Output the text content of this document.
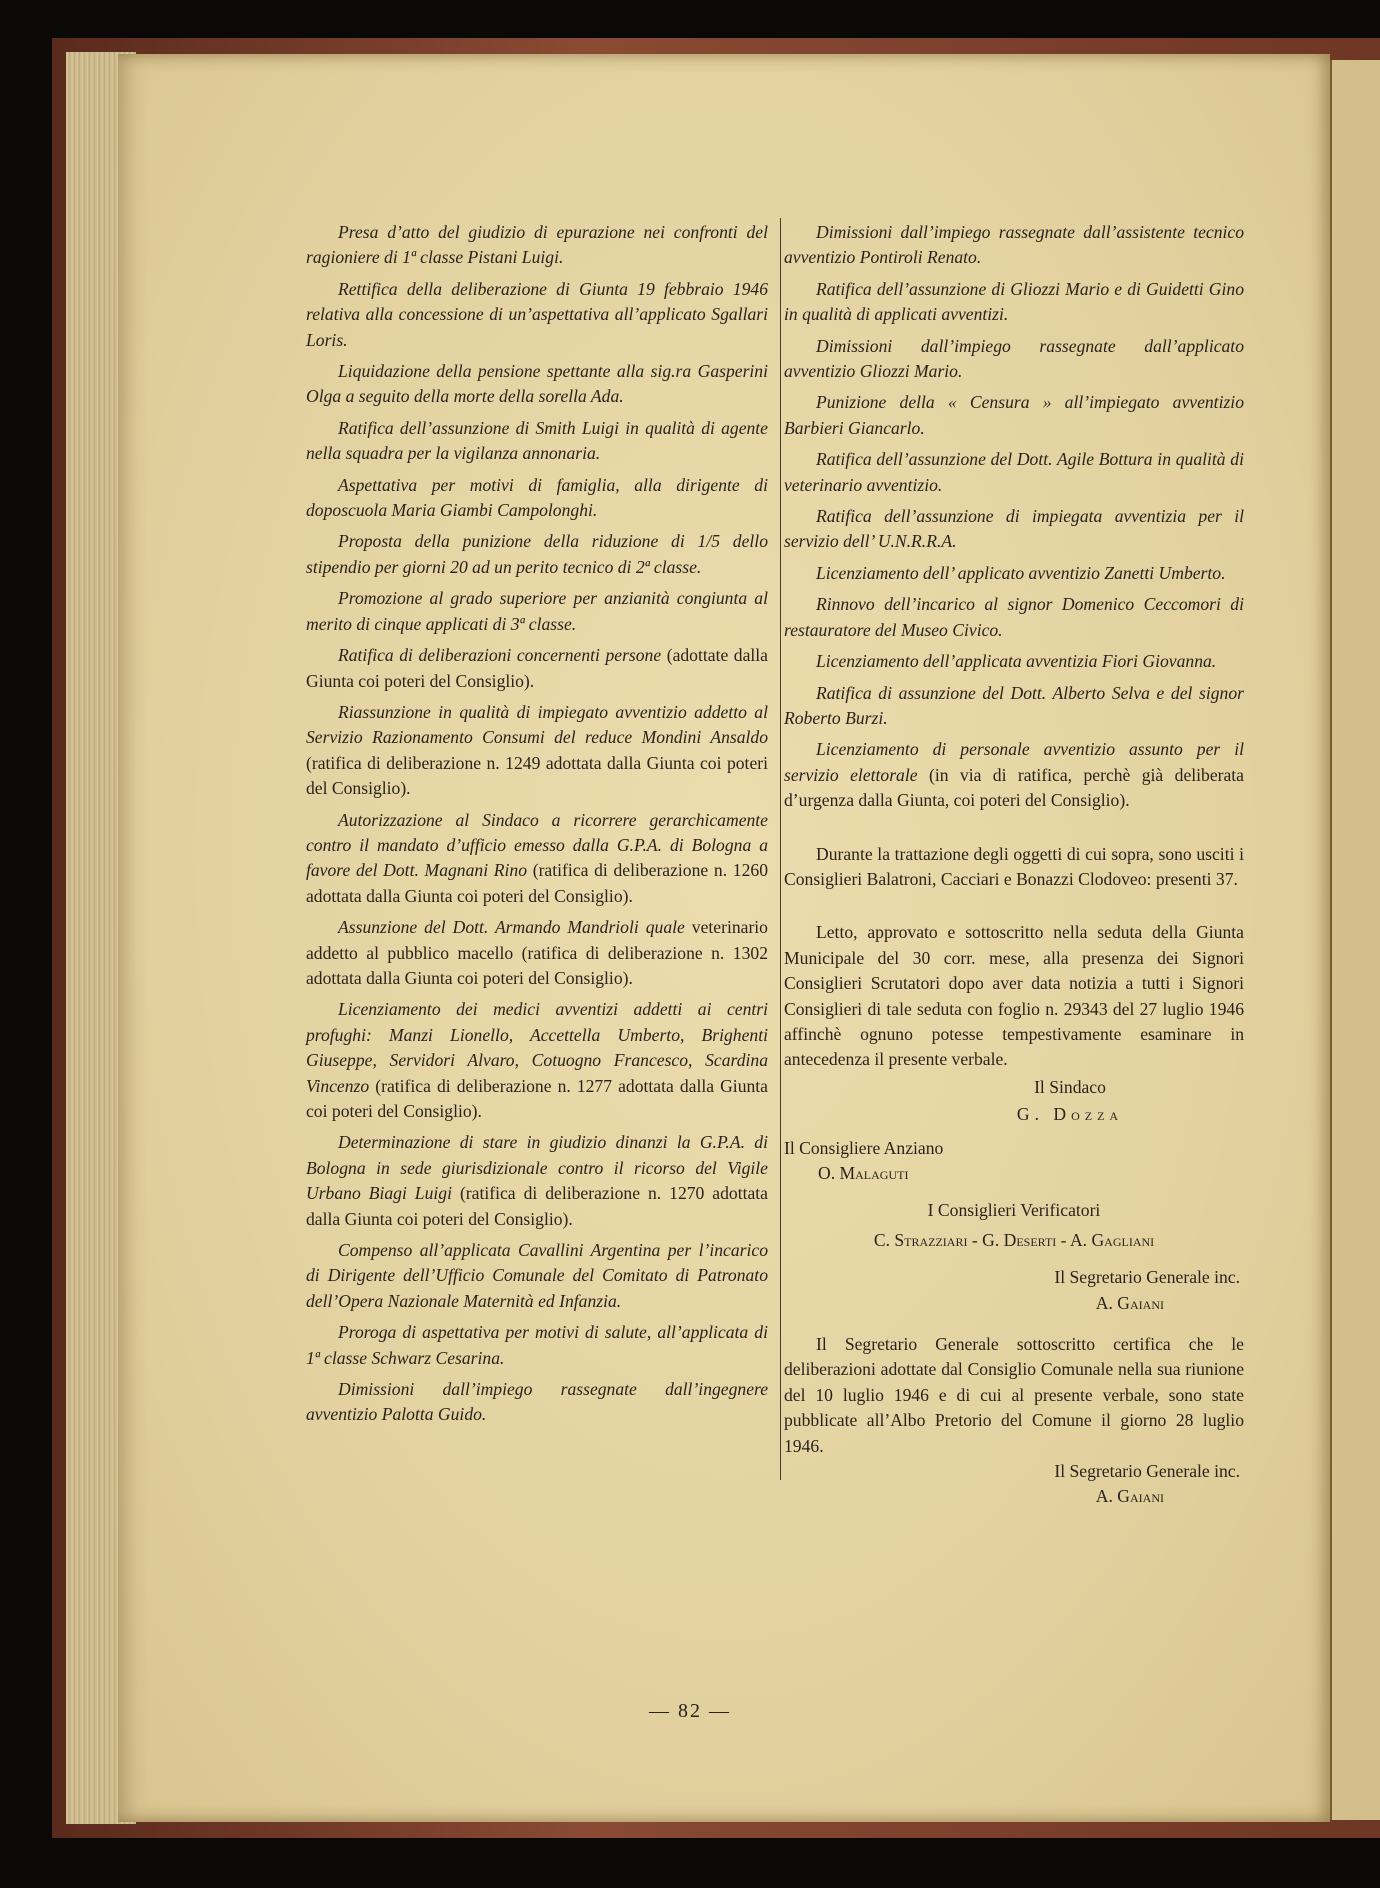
Presa d’atto del giudizio di epurazione nei confronti del ragioniere di 1ª classe Pistani Luigi.

Rettifica della deliberazione di Giunta 19 febbraio 1946 relativa alla concessione di un’aspettativa all’applicato Sgallari Loris.

Liquidazione della pensione spettante alla sig.ra Gasperini Olga a seguito della morte della sorella Ada.

Ratifica dell’assunzione di Smith Luigi in qualità di agente nella squadra per la vigilanza annonaria.

Aspettativa per motivi di famiglia, alla dirigente di doposcuola Maria Giambi Campolonghi.

Proposta della punizione della riduzione di 1/5 dello stipendio per giorni 20 ad un perito tecnico di 2ª classe.

Promozione al grado superiore per anzianità congiunta al merito di cinque applicati di 3ª classe.

Ratifica di deliberazioni concernenti persone (adottate dalla Giunta coi poteri del Consiglio).

Riassunzione in qualità di impiegato avventizio addetto al Servizio Razionamento Consumi del reduce Mondini Ansaldo (ratifica di deliberazione n. 1249 adottata dalla Giunta coi poteri del Consiglio).

Autorizzazione al Sindaco a ricorrere gerarchicamente contro il mandato d’ufficio emesso dalla G.P.A. di Bologna a favore del Dott. Magnani Rino (ratifica di deliberazione n. 1260 adottata dalla Giunta coi poteri del Consiglio).

Assunzione del Dott. Armando Mandrioli quale veterinario addetto al pubblico macello (ratifica di deliberazione n. 1302 adottata dalla Giunta coi poteri del Consiglio).

Licenziamento dei medici avventizi addetti ai centri profughi: Manzi Lionello, Accettella Umberto, Brighenti Giuseppe, Servidori Alvaro, Cotuogno Francesco, Scardina Vincenzo (ratifica di deliberazione n. 1277 adottata dalla Giunta coi poteri del Consiglio).

Determinazione di stare in giudizio dinanzi la G.P.A. di Bologna in sede giurisdizionale contro il ricorso del Vigile Urbano Biagi Luigi (ratifica di deliberazione n. 1270 adottata dalla Giunta coi poteri del Consiglio).

Compenso all’applicata Cavallini Argentina per l’incarico di Dirigente dell’Ufficio Comunale del Comitato di Patronato dell’Opera Nazionale Maternità ed Infanzia.

Proroga di aspettativa per motivi di salute, all’applicata di 1ª classe Schwarz Cesarina.

Dimissioni dall’impiego rassegnate dall’ingegnere avventizio Palotta Guido.

Dimissioni dall’impiego rassegnate dall’assistente tecnico avventizio Pontiroli Renato.

Ratifica dell’assunzione di Gliozzi Mario e di Guidetti Gino in qualità di applicati avventizi.

Dimissioni dall’impiego rassegnate dall’applicato avventizio Gliozzi Mario.

Punizione della « Censura » all’impiegato avventizio Barbieri Giancarlo.

Ratifica dell’assunzione del Dott. Agile Bottura in qualità di veterinario avventizio.

Ratifica dell’assunzione di impiegata avventizia per il servizio dell’ U.N.R.R.A.

Licenziamento dell’ applicato avventizio Zanetti Umberto.

Rinnovo dell’incarico al signor Domenico Ceccomori di restauratore del Museo Civico.

Licenziamento dell’applicata avventizia Fiori Giovanna.

Ratifica di assunzione del Dott. Alberto Selva e del signor Roberto Burzi.

Licenziamento di personale avventizio assunto per il servizio elettorale (in via di ratifica, perchè già deliberata d’urgenza dalla Giunta, coi poteri del Consiglio).

Durante la trattazione degli oggetti di cui sopra, sono usciti i Consiglieri Balatroni, Cacciari e Bonazzi Clodoveo: presenti 37.

Letto, approvato e sottoscritto nella seduta della Giunta Municipale del 30 corr. mese, alla presenza dei Signori Consiglieri Scrutatori dopo aver data notizia a tutti i Signori Consiglieri di tale seduta con foglio n. 29343 del 27 luglio 1946 affinchè ognuno potesse tempestivamente esaminare in antecedenza il presente verbale.

Il Sindaco

G. Dozza

Il Consigliere Anziano

O. Malaguti

I Consiglieri Verificatori

C. Strazziari - G. Deserti - A. Gagliani

Il Segretario Generale inc.

A. Gaiani

Il Segretario Generale sottoscritto certifica che le deliberazioni adottate dal Consiglio Comunale nella sua riunione del 10 luglio 1946 e di cui al presente verbale, sono state pubblicate all’Albo Pretorio del Comune il giorno 28 luglio 1946.

Il Segretario Generale inc.

A. Gaiani

— 82 —
